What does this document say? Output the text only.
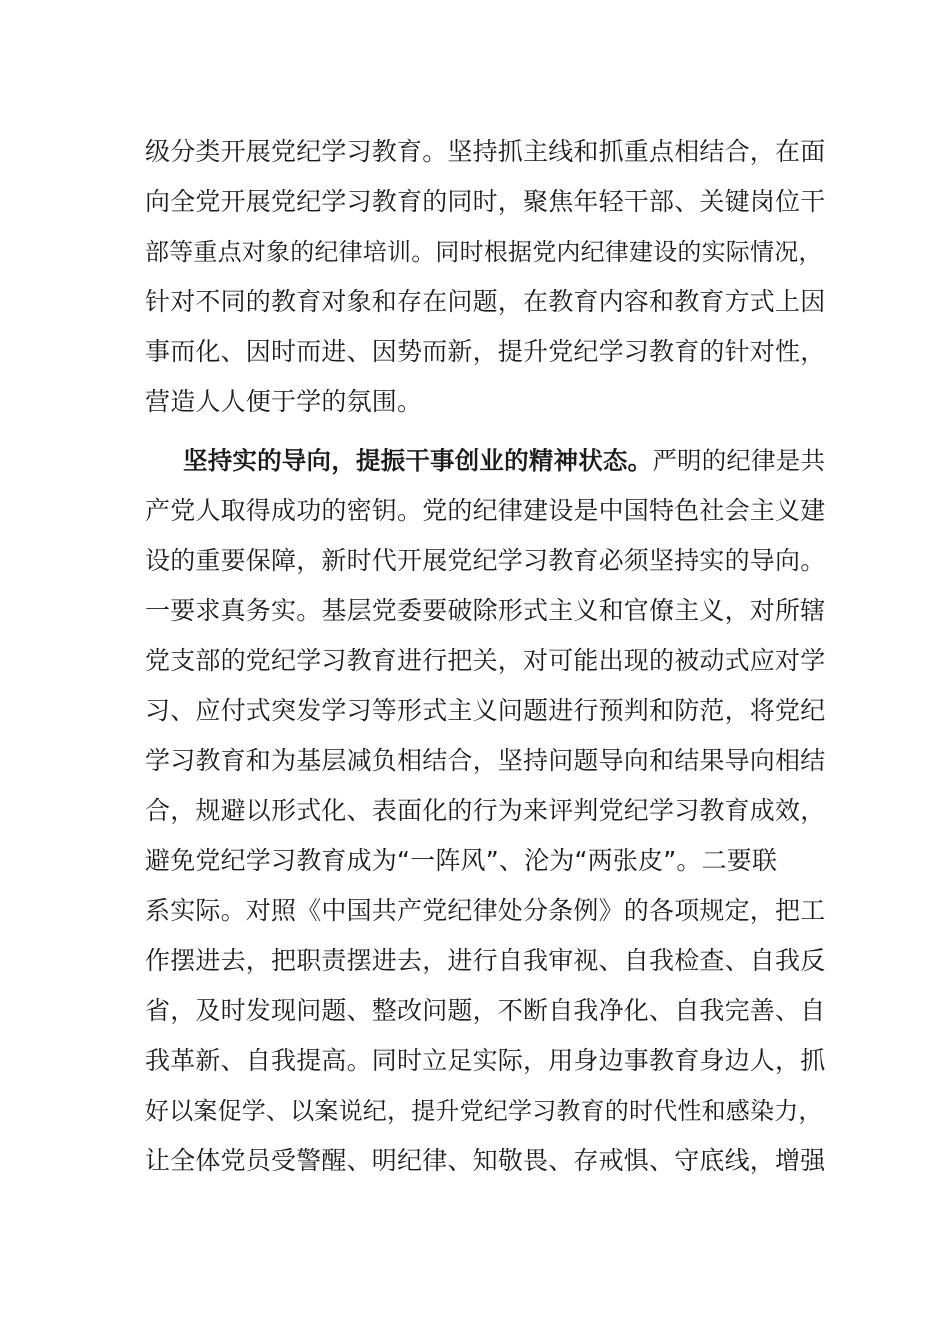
级分类开展党纪学习教育。坚持抓主线和抓重点相结合，在面
向全党开展党纪学习教育的同时，聚焦年轻干部、关键岗位干
部等重点对象的纪律培训。同时根据党内纪律建设的实际情况，
针对不同的教育对象和存在问题，在教育内容和教育方式上因
事而化、因时而进、因势而新，提升党纪学习教育的针对性，
营造人人便于学的氛围。
坚持实的导向，提振干事创业的精神状态。严明的纪律是共
产党人取得成功的密钥。党的纪律建设是中国特色社会主义建
设的重要保障，新时代开展党纪学习教育必须坚持实的导向。
一要求真务实。基层党委要破除形式主义和官僚主义，对所辖
党支部的党纪学习教育进行把关，对可能出现的被动式应对学
习、应付式突发学习等形式主义问题进行预判和防范，将党纪
学习教育和为基层减负相结合，坚持问题导向和结果导向相结
合，规避以形式化、表面化的行为来评判党纪学习教育成效，
避免党纪学习教育成为“一阵风”、沦为“两张皮”。二要联
系实际。对照《中国共产党纪律处分条例》的各项规定，把工
作摆进去，把职责摆进去，进行自我审视、自我检查、自我反
省，及时发现问题、整改问题，不断自我净化、自我完善、自
我革新、自我提高。同时立足实际，用身边事教育身边人，抓
好以案促学、以案说纪，提升党纪学习教育的时代性和感染力，
让全体党员受警醒、明纪律、知敬畏、存戒惧、守底线，增强
